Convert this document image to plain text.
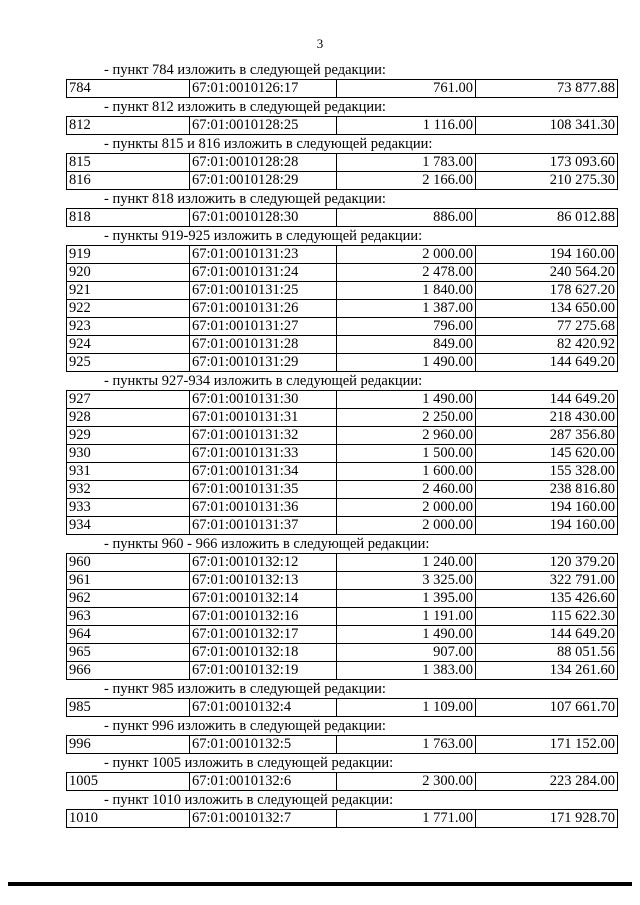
3
- пункт 784 изложить в следующей редакции:
784	67:01:0010126:17	761.00	73 877.88
- пункт 812 изложить в следующей редакции:
812	67:01:0010128:25	1 116.00	108 341.30
- пункты 815 и 816 изложить в следующей редакции:
815	67:01:0010128:28	1 783.00	173 093.60
816	67:01:0010128:29	2 166.00	210 275.30
- пункт 818 изложить в следующей редакции:
818	67:01:0010128:30	886.00	86 012.88
- пункты 919-925 изложить в следующей редакции:
919	67:01:0010131:23	2 000.00	194 160.00
920	67:01:0010131:24	2 478.00	240 564.20
921	67:01:0010131:25	1 840.00	178 627.20
922	67:01:0010131:26	1 387.00	134 650.00
923	67:01:0010131:27	796.00	77 275.68
924	67:01:0010131:28	849.00	82 420.92
925	67:01:0010131:29	1 490.00	144 649.20
- пункты 927-934 изложить в следующей редакции:
927	67:01:0010131:30	1 490.00	144 649.20
928	67:01:0010131:31	2 250.00	218 430.00
929	67:01:0010131:32	2 960.00	287 356.80
930	67:01:0010131:33	1 500.00	145 620.00
931	67:01:0010131:34	1 600.00	155 328.00
932	67:01:0010131:35	2 460.00	238 816.80
933	67:01:0010131:36	2 000.00	194 160.00
934	67:01:0010131:37	2 000.00	194 160.00
- пункты 960 - 966 изложить в следующей редакции:
960	67:01:0010132:12	1 240.00	120 379.20
961	67:01:0010132:13	3 325.00	322 791.00
962	67:01:0010132:14	1 395.00	135 426.60
963	67:01:0010132:16	1 191.00	115 622.30
964	67:01:0010132:17	1 490.00	144 649.20
965	67:01:0010132:18	907.00	88 051.56
966	67:01:0010132:19	1 383.00	134 261.60
- пункт 985 изложить в следующей редакции:
985	67:01:0010132:4	1 109.00	107 661.70
- пункт 996 изложить в следующей редакции:
996	67:01:0010132:5	1 763.00	171 152.00
- пункт 1005 изложить в следующей редакции:
1005	67:01:0010132:6	2 300.00	223 284.00
- пункт 1010 изложить в следующей редакции:
1010	67:01:0010132:7	1 771.00	171 928.70
